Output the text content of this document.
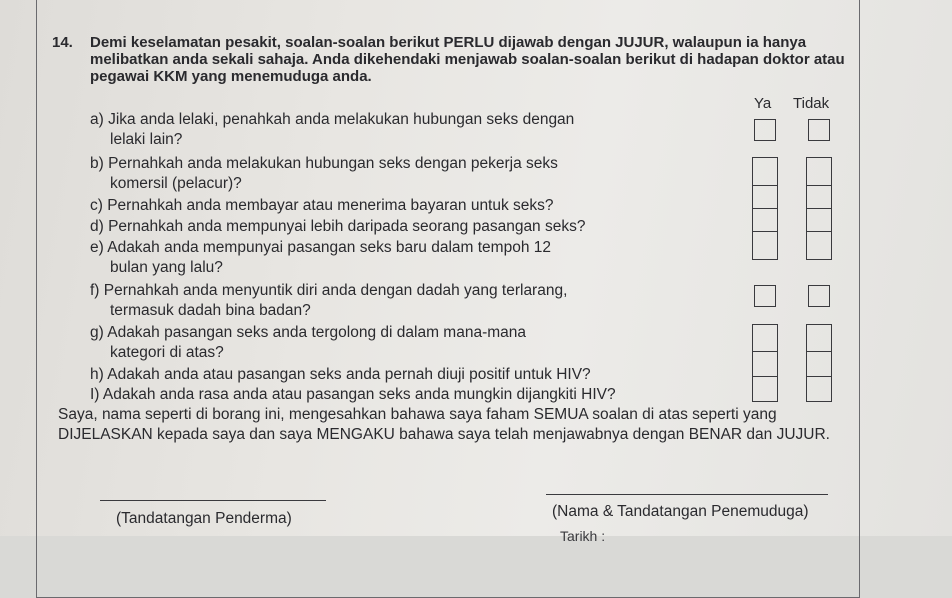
14. Demi keselamatan pesakit, soalan-soalan berikut PERLU dijawab dengan JUJUR, walaupun ia hanya melibatkan anda sekali sahaja. Anda dikehendaki menjawab soalan-soalan berikut di hadapan doktor atau pegawai KKM yang menemuduga anda.
Ya Tidak
a) Jika anda lelaki, penahkah anda melakukan hubungan seks dengan
lelaki lain?
b) Pernahkah anda melakukan hubungan seks dengan pekerja seks
komersil (pelacur)?
c) Pernahkah anda membayar atau menerima bayaran untuk seks?
d) Pernahkah anda mempunyai lebih daripada seorang pasangan seks?
e) Adakah anda mempunyai pasangan seks baru dalam tempoh 12
bulan yang lalu?
f) Pernahkah anda menyuntik diri anda dengan dadah yang terlarang,
termasuk dadah bina badan?
g) Adakah pasangan seks anda tergolong di dalam mana-mana
kategori di atas?
h) Adakah anda atau pasangan seks anda pernah diuji positif untuk HIV?
I) Adakah anda rasa anda atau pasangan seks anda mungkin dijangkiti HIV?
Saya, nama seperti di borang ini, mengesahkan bahawa saya faham SEMUA soalan di atas seperti yang DIJELASKAN kepada saya dan saya MENGAKU bahawa saya telah menjawabnya dengan BENAR dan JUJUR.
(Tandatangan Penderma)	(Nama & Tandatangan Penemuduga)
Tarikh :
